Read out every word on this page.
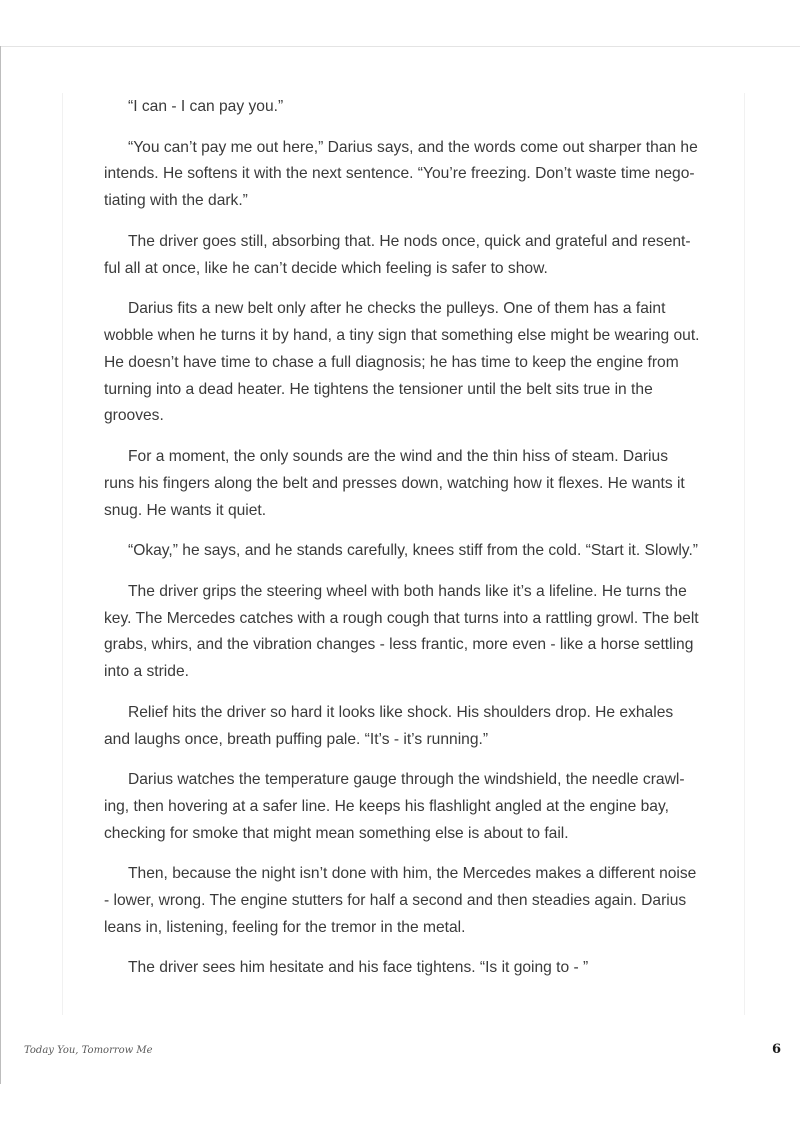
“I can - I can pay you.”

“You can’t pay me out here,” Darius says, and the words come out sharper than he intends. He softens it with the next sentence. “You’re freezing. Don’t waste time negotiating with the dark.”

The driver goes still, absorbing that. He nods once, quick and grateful and resentful all at once, like he can’t decide which feeling is safer to show.

Darius fits a new belt only after he checks the pulleys. One of them has a faint wobble when he turns it by hand, a tiny sign that something else might be wearing out. He doesn’t have time to chase a full diagnosis; he has time to keep the engine from turning into a dead heater. He tightens the tensioner until the belt sits true in the grooves.

For a moment, the only sounds are the wind and the thin hiss of steam. Darius runs his fingers along the belt and presses down, watching how it flexes. He wants it snug. He wants it quiet.

“Okay,” he says, and he stands carefully, knees stiff from the cold. “Start it. Slowly.”

The driver grips the steering wheel with both hands like it’s a lifeline. He turns the key. The Mercedes catches with a rough cough that turns into a rattling growl. The belt grabs, whirs, and the vibration changes - less frantic, more even - like a horse settling into a stride.

Relief hits the driver so hard it looks like shock. His shoulders drop. He exhales and laughs once, breath puffing pale. “It’s - it’s running.”

Darius watches the temperature gauge through the windshield, the needle crawling, then hovering at a safer line. He keeps his flashlight angled at the engine bay, checking for smoke that might mean something else is about to fail.

Then, because the night isn’t done with him, the Mercedes makes a different noise - lower, wrong. The engine stutters for half a second and then steadies again. Darius leans in, listening, feeling for the tremor in the metal.

The driver sees him hesitate and his face tightens. “Is it going to - ”

Today You, Tomorrow Me	6
